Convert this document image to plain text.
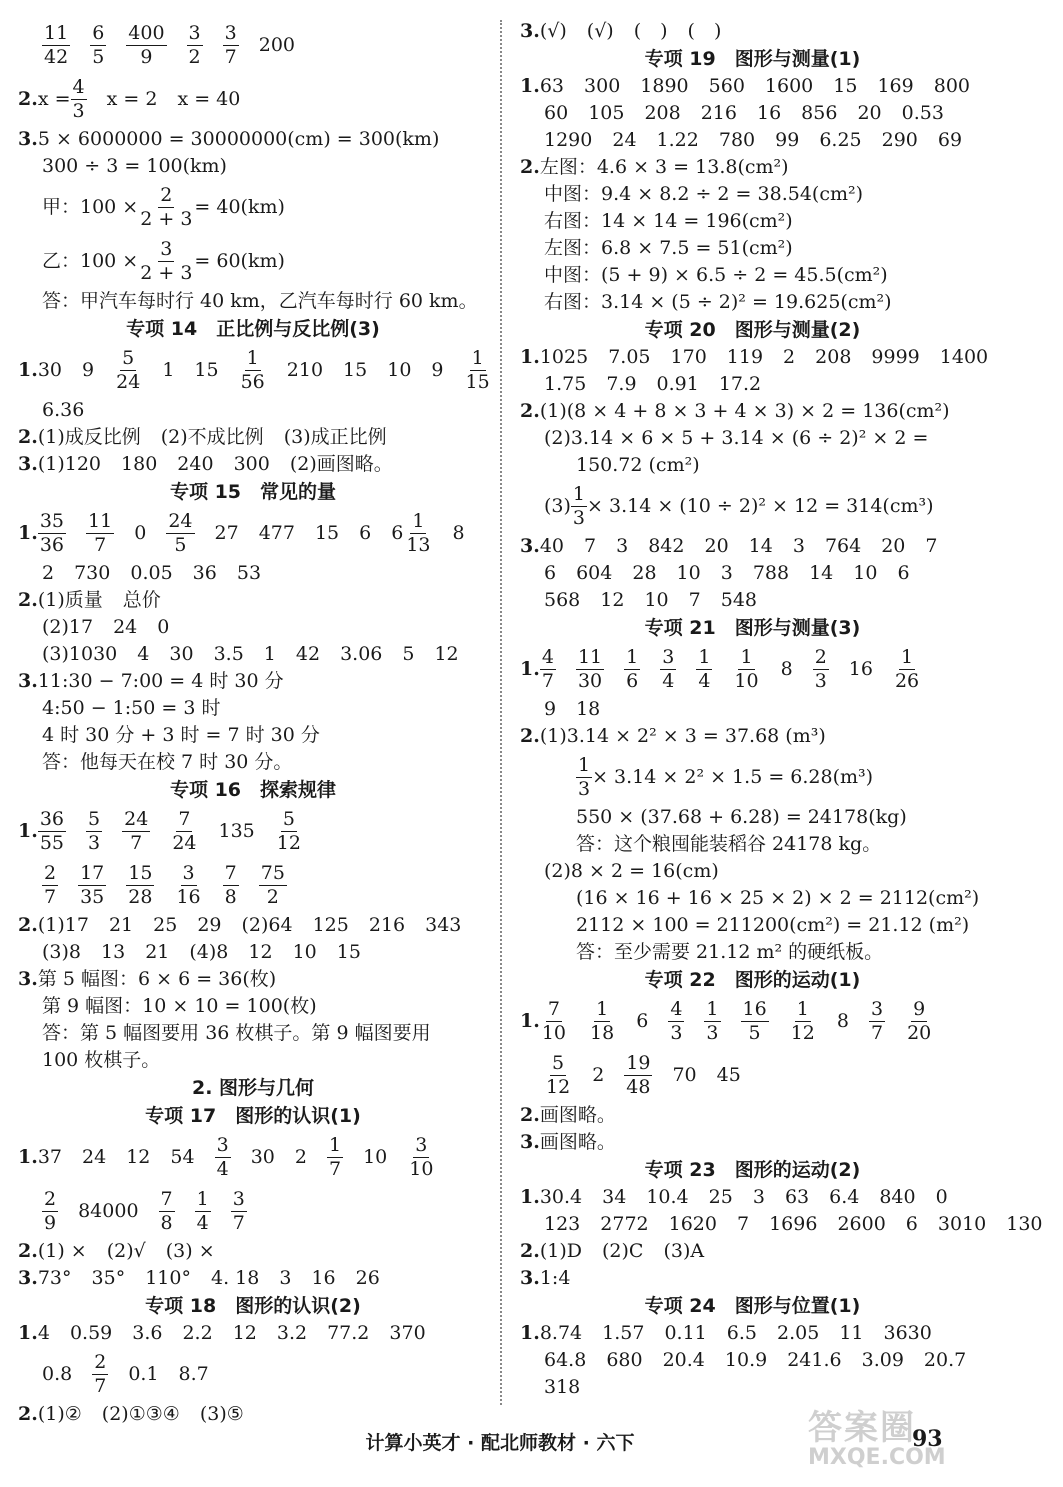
$\frac{11}{42} \frac{6}{5} \frac{400}{9} \frac{3}{2} \frac{3}{7} 200$
2. $x = \frac{4}{3}$ x = 2 x = 40
3.5 × 6000000 = 30000000(cm) = 300(km)
300 ÷ 3 = 100(km)
甲：$100 \times \frac{2}{2 + 3} = 40(km)$
乙：$100 \times \frac{3}{2 + 3} = 60(km)$
答：甲汽车每时行 40 km，乙汽车每时行 60 km。
专项 14　正比例与反比例(3)
1. 30 $9 \frac{5}{24} 1$ $15 \frac{1}{56} 210$ 15 10 $9 \frac{1}{15}$
6.36
2.(1)成反比例 (2)不成比例 (3)成正比例
3.(1)120 180 240 300 (2)画图略。
专项 15　常见的量
1. $\frac{35}{36} \frac{11}{7} 0 \frac{24}{5} 27$ 477 15 6 $6 \frac{1}{13} 8$
2 730 0.05 36 53
2.(1)质量 总价
(2)17 24 0
(3)1030 4 30 3.5 1 42 3.06 5 12
3.11:30 − 7:00 = 4 时 30 分
4:50 − 1:50 = 3 时
4 时 30 分 + 3 时 = 7 时 30 分
答：他每天在校 7 时 30 分。
专项 16　探索规律
1. $\frac{36}{55} \frac{5}{3} \frac{24}{7} \frac{7}{24} 135 \frac{5}{12}$
$\frac{2}{7} \frac{17}{35} \frac{15}{28} \frac{3}{16} \frac{7}{8} \frac{75}{2}$
2.(1)17 21 25 29 (2)64 125 216 343
(3)8 13 21 (4)8 12 10 15
3.第 5 幅图：6 × 6 = 36(枚)
第 9 幅图：10 × 10 = 100(枚)
答：第 5 幅图要用 36 枚棋子。第 9 幅图要用
100 枚棋子。
2. 图形与几何
专项 17　图形的认识(1)
1. 37 24 12 $54 \frac{3}{4} 30$ $2 \frac{1}{7} 10 \frac{3}{10}$
$\frac{2}{9} 84000 \frac{7}{8} \frac{1}{4} \frac{3}{7}$
2.(1) × (2)√ (3) ×
3.73° 35° 110° 4. 18 3 16 26
专项 18　图形的认识(2)
1.4 0.59 3.6 2.2 12 3.2 77.2 370
$0.8 \frac{2}{7} 0.1$ 8.7
2.(1)② (2)①③④ (3)⑤
3.(√) (√) (　) (　)
专项 19　图形与测量(1)
1.63 300 1890 560 1600 15 169 800
60 105 208 216 16 856 20 0.53
1290 24 1.22 780 99 6.25 290 69
2.左图：4.6 × 3 = 13.8(cm²)
中图：9.4 × 8.2 ÷ 2 = 38.54(cm²)
右图：14 × 14 = 196(cm²)
左图：6.8 × 7.5 = 51(cm²)
中图：(5 + 9) × 6.5 ÷ 2 = 45.5(cm²)
右图：3.14 × (5 ÷ 2)² = 19.625(cm²)
专项 20　图形与测量(2)
1.1025 7.05 170 119 2 208 9999 1400
1.75 7.9 0.91 17.2
2.(1)(8 × 4 + 8 × 3 + 4 × 3) × 2 = 136(cm²)
(2)3.14 × 6 × 5 + 3.14 × (6 ÷ 2)² × 2 =
150.72 (cm²)
$(3) \frac{1}{3} \times 3.14 \times (10 \div 2)^2 \times 12 = 314(cm^3)$
3.40 7 3 842 20 14 3 764 20 7
6 604 28 10 3 788 14 10 6
568 12 10 7 548
专项 21　图形与测量(3)
1. $\frac{4}{7} \frac{11}{30} \frac{1}{6} \frac{3}{4} \frac{1}{4} \frac{1}{10} 8 \frac{2}{3} 16 \frac{1}{26}$
9 18
2.(1)3.14 × 2² × 3 = 37.68 (m³)
$\frac{1}{3} \times 3.14 \times 2^2 \times 1.5 = 6.28(m^3)$
550 × (37.68 + 6.28) = 24178(kg)
答：这个粮囤能装稻谷 24178 kg。
(2)8 × 2 = 16(cm)
(16 × 16 + 16 × 25 × 2) × 2 = 2112(cm²)
2112 × 100 = 211200(cm²) = 21.12 (m²)
答：至少需要 21.12 m² 的硬纸板。
专项 22　图形的运动(1)
1. $\frac{7}{10} \frac{1}{18} 6 \frac{4}{3} \frac{1}{3} \frac{16}{5} \frac{1}{12} 8 \frac{3}{7} \frac{9}{20}$
$\frac{5}{12} 2 \frac{19}{48} 70$ 45
2.画图略。
3.画图略。
专项 23　图形的运动(2)
1.30.4 34 10.4 25 3 63 6.4 840 0
123 2772 1620 7 1696 2600 6 3010 130
2.(1)D (2)C (3)A
3.1:4
专项 24　图形与位置(1)
1.8.74 1.57 0.11 6.5 2.05 11 3630
64.8 680 20.4 10.9 241.6 3.09 20.7
318
计算小英才 · 配北师教材 · 六下	93
答案圈
MXQE.COM
